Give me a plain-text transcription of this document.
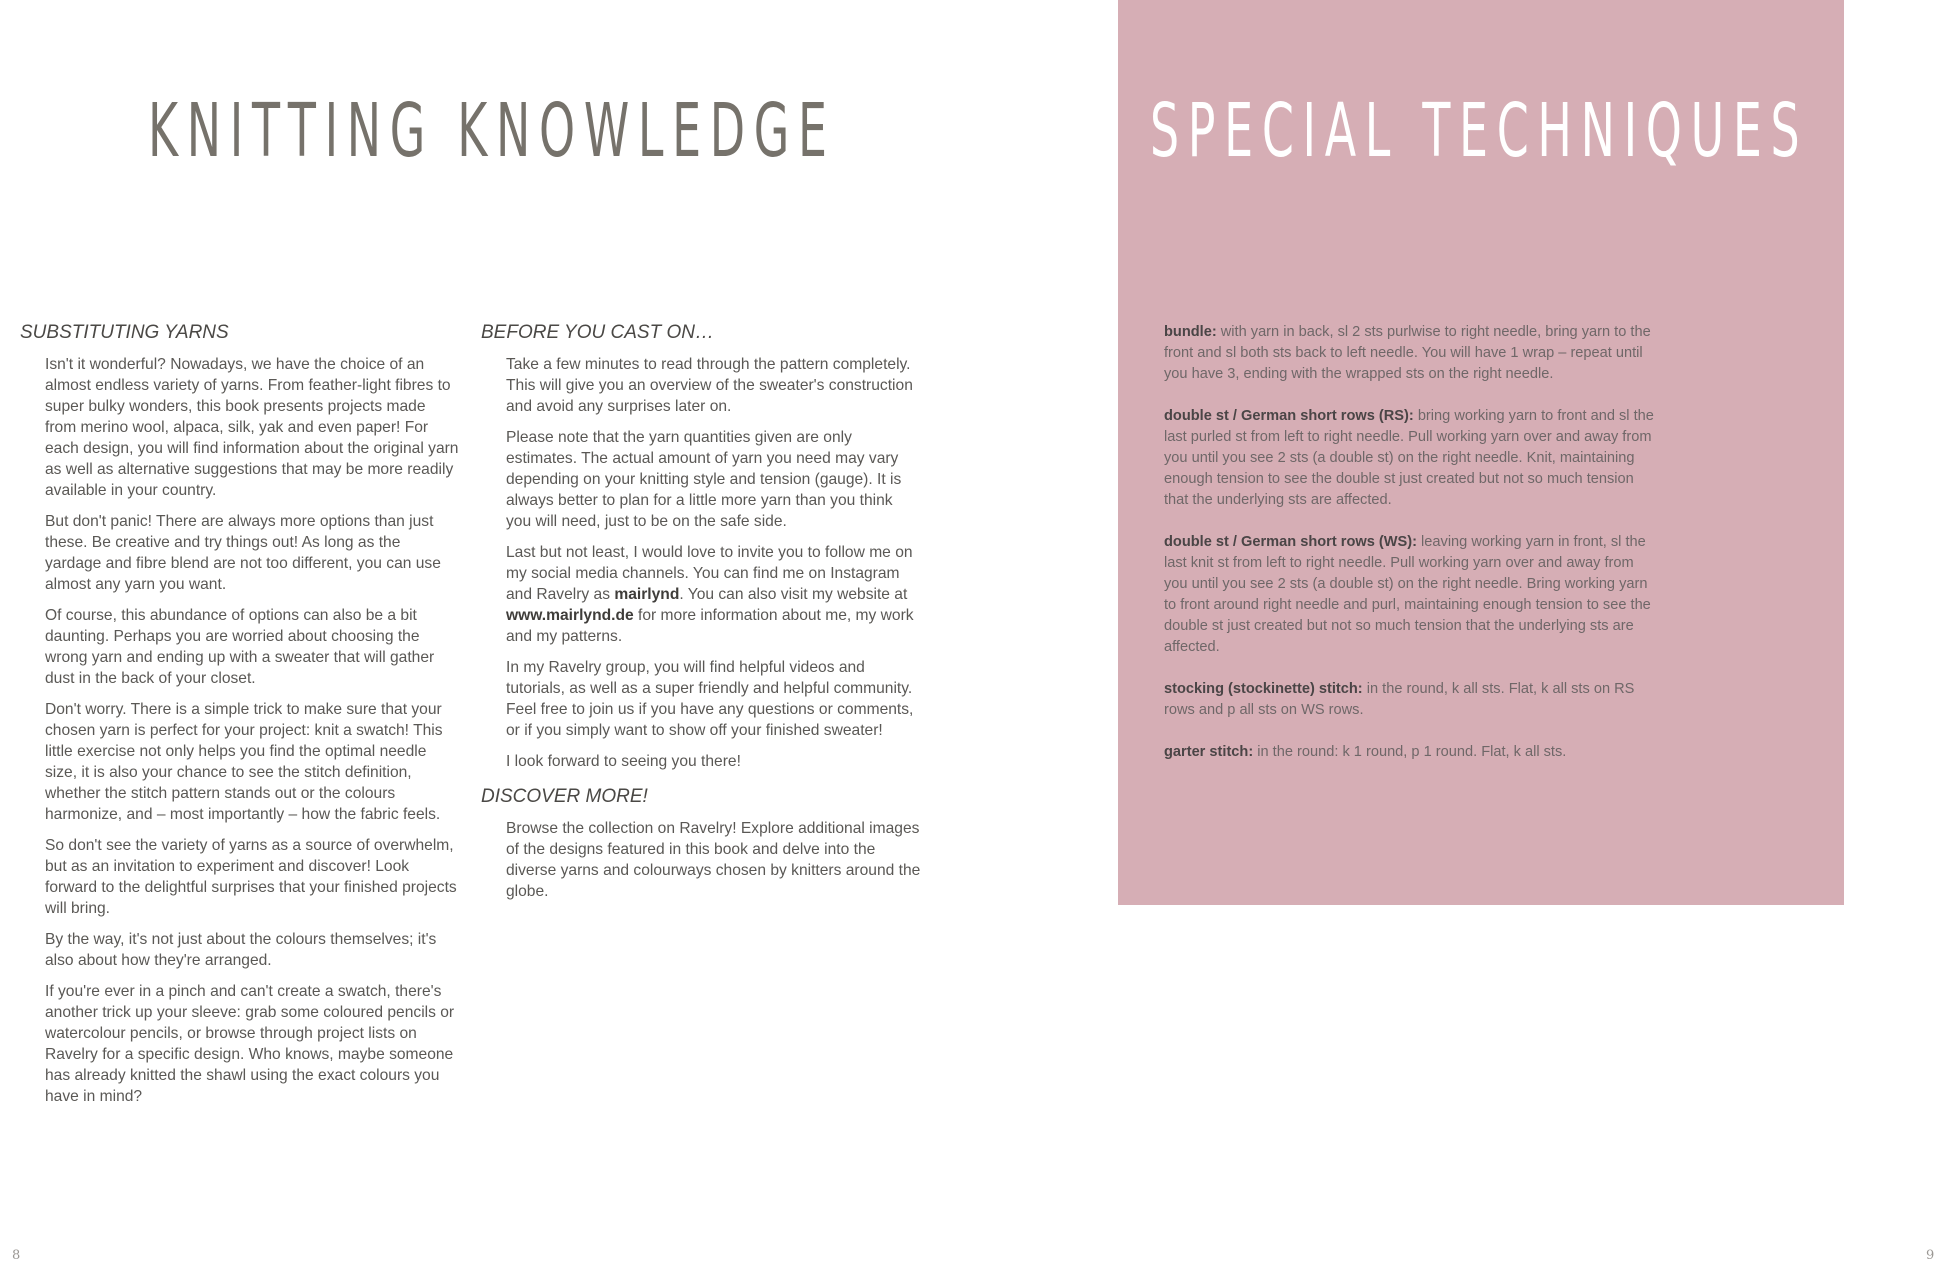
KNITTING KNOWLEDGE
SUBSTITUTING YARNS

Isn't it wonderful? Nowadays, we have the choice of an almost endless variety of yarns. From feather-light fibres to super bulky wonders, this book presents projects made from merino wool, alpaca, silk, yak and even paper! For each design, you will find information about the original yarn as well as alternative suggestions that may be more readily available in your country.

But don't panic! There are always more options than just these. Be creative and try things out! As long as the yardage and fibre blend are not too different, you can use almost any yarn you want.

Of course, this abundance of options can also be a bit daunting. Perhaps you are worried about choosing the wrong yarn and ending up with a sweater that will gather dust in the back of your closet.

Don't worry. There is a simple trick to make sure that your chosen yarn is perfect for your project: knit a swatch! This little exercise not only helps you find the optimal needle size, it is also your chance to see the stitch definition, whether the stitch pattern stands out or the colours harmonize, and – most importantly – how the fabric feels.

So don't see the variety of yarns as a source of overwhelm, but as an invitation to experiment and discover! Look forward to the delightful surprises that your finished projects will bring.

By the way, it's not just about the colours themselves; it's also about how they're arranged.

If you're ever in a pinch and can't create a swatch, there's another trick up your sleeve: grab some coloured pencils or watercolour pencils, or browse through project lists on Ravelry for a specific design. Who knows, maybe someone has already knitted the shawl using the exact colours you have in mind?

BEFORE YOU CAST ON…

Take a few minutes to read through the pattern completely. This will give you an overview of the sweater's construction and avoid any surprises later on.

Please note that the yarn quantities given are only estimates. The actual amount of yarn you need may vary depending on your knitting style and tension (gauge). It is always better to plan for a little more yarn than you think you will need, just to be on the safe side.

Last but not least, I would love to invite you to follow me on my social media channels. You can find me on Instagram and Ravelry as mairlynd. You can also visit my website at www.mairlynd.de for more information about me, my work and my patterns.

In my Ravelry group, you will find helpful videos and tutorials, as well as a super friendly and helpful community. Feel free to join us if you have any questions or comments, or if you simply want to show off your finished sweater!

I look forward to seeing you there!

DISCOVER MORE!

Browse the collection on Ravelry! Explore additional images of the designs featured in this book and delve into the diverse yarns and colourways chosen by knitters around the globe.

8
SPECIAL TECHNIQUES

bundle: with yarn in back, sl 2 sts purlwise to right needle, bring yarn to the front and sl both sts back to left needle. You will have 1 wrap – repeat until you have 3, ending with the wrapped sts on the right needle.

double st / German short rows (RS): bring working yarn to front and sl the last purled st from left to right needle. Pull working yarn over and away from you until you see 2 sts (a double st) on the right needle. Knit, maintaining enough tension to see the double st just created but not so much tension that the underlying sts are affected.

double st / German short rows (WS): leaving working yarn in front, sl the last knit st from left to right needle. Pull working yarn over and away from you until you see 2 sts (a double st) on the right needle. Bring working yarn to front around right needle and purl, maintaining enough tension to see the double st just created but not so much tension that the underlying sts are affected.

stocking (stockinette) stitch: in the round, k all sts. Flat, k all sts on RS rows and p all sts on WS rows.

garter stitch: in the round: k 1 round, p 1 round. Flat, k all sts.

9
